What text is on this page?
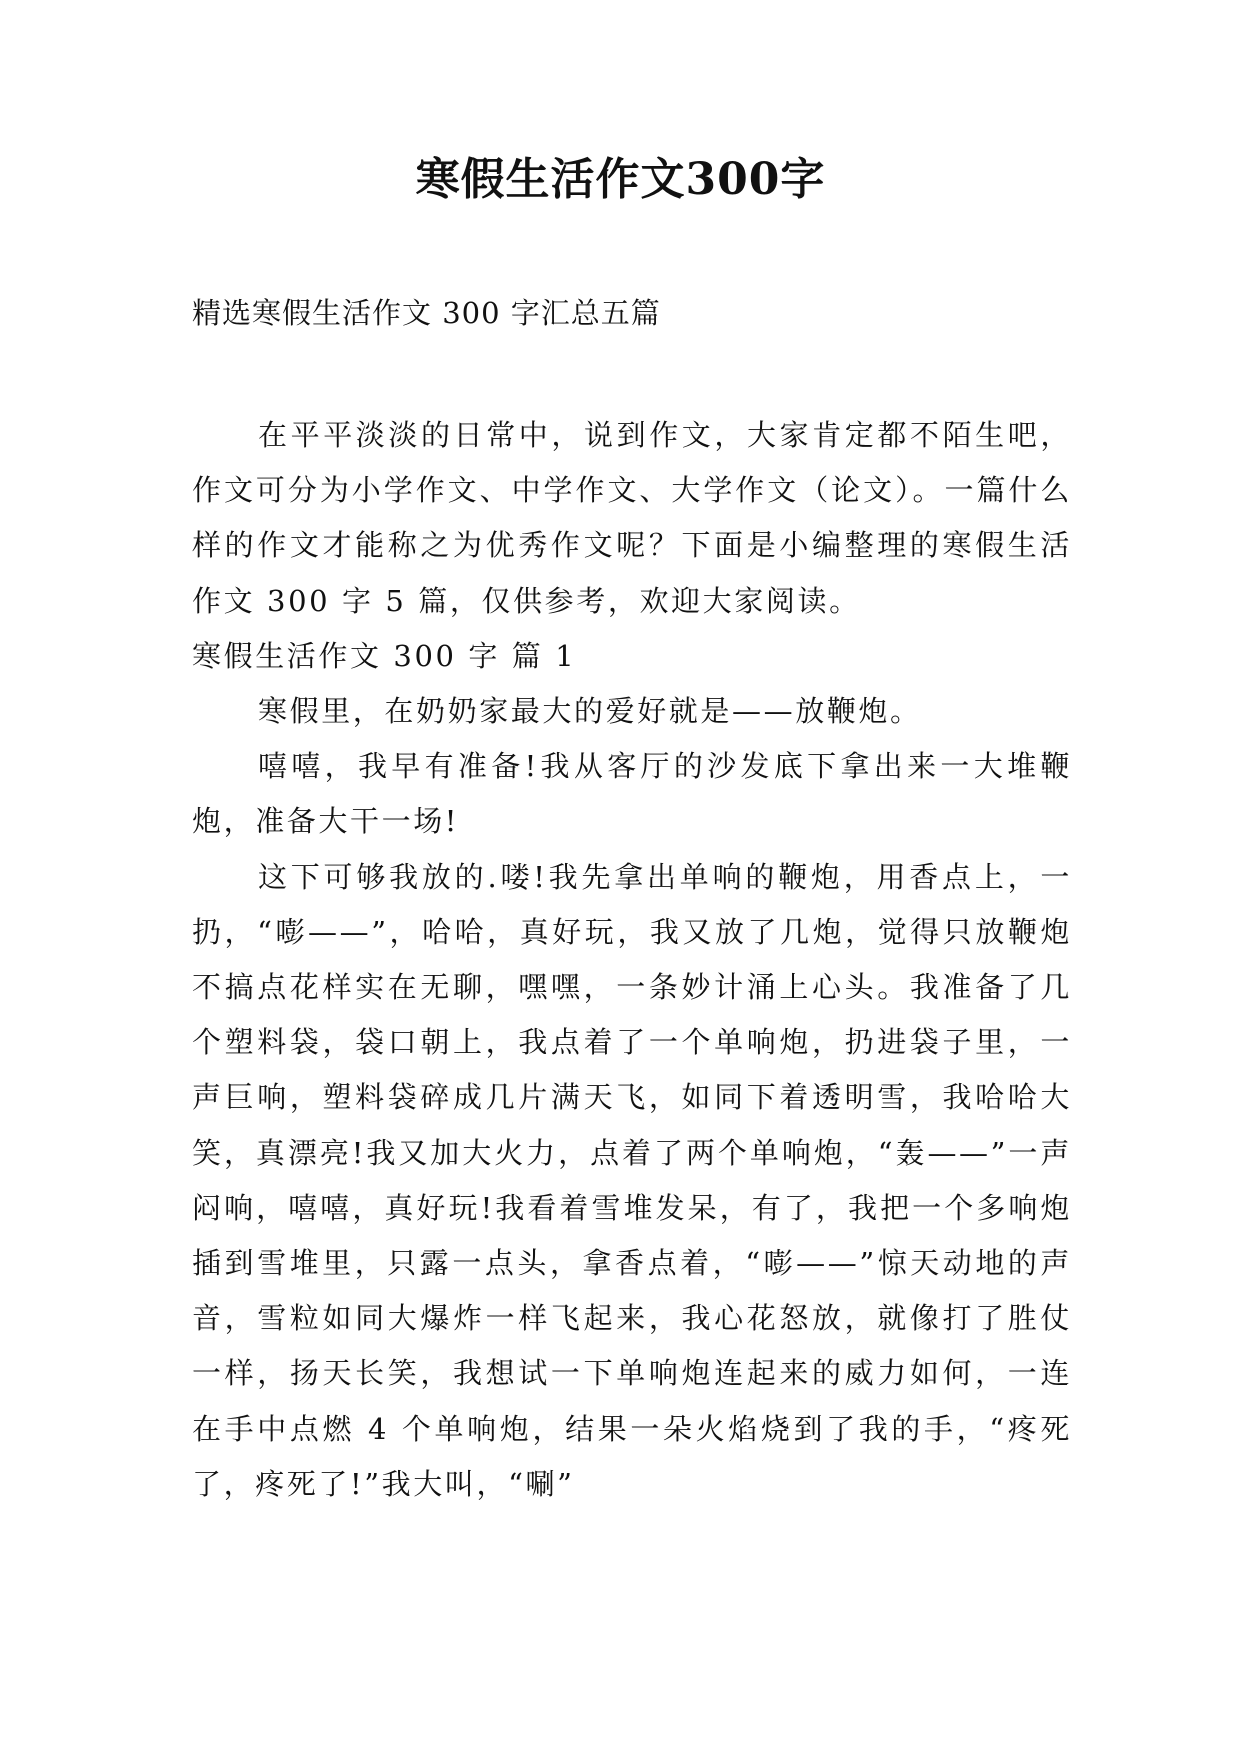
寒假生活作文300字

精选寒假生活作文 300 字汇总五篇

在平平淡淡的日常中，说到作文，大家肯定都不陌生吧，作文可分为小学作文、中学作文、大学作文（论文）。一篇什么样的作文才能称之为优秀作文呢？下面是小编整理的寒假生活作文 300 字 5 篇，仅供参考，欢迎大家阅读。

寒假生活作文 300 字 篇 1

寒假里，在奶奶家最大的爱好就是——放鞭炮。

嘻嘻，我早有准备!我从客厅的沙发底下拿出来一大堆鞭炮，准备大干一场!

这下可够我放的.喽!我先拿出单响的鞭炮，用香点上，一扔，“嘭——”，哈哈，真好玩，我又放了几炮，觉得只放鞭炮不搞点花样实在无聊，嘿嘿，一条妙计涌上心头。我准备了几个塑料袋，袋口朝上，我点着了一个单响炮，扔进袋子里，一声巨响，塑料袋碎成几片满天飞，如同下着透明雪，我哈哈大笑，真漂亮!我又加大火力，点着了两个单响炮，“轰——”一声闷响，嘻嘻，真好玩!我看着雪堆发呆，有了，我把一个多响炮插到雪堆里，只露一点头，拿香点着，“嘭——”惊天动地的声音，雪粒如同大爆炸一样飞起来，我心花怒放，就像打了胜仗一样，扬天长笑，我想试一下单响炮连起来的威力如何，一连在手中点燃 4 个单响炮，结果一朵火焰烧到了我的手，“疼死了，疼死了!”我大叫，“唰”
